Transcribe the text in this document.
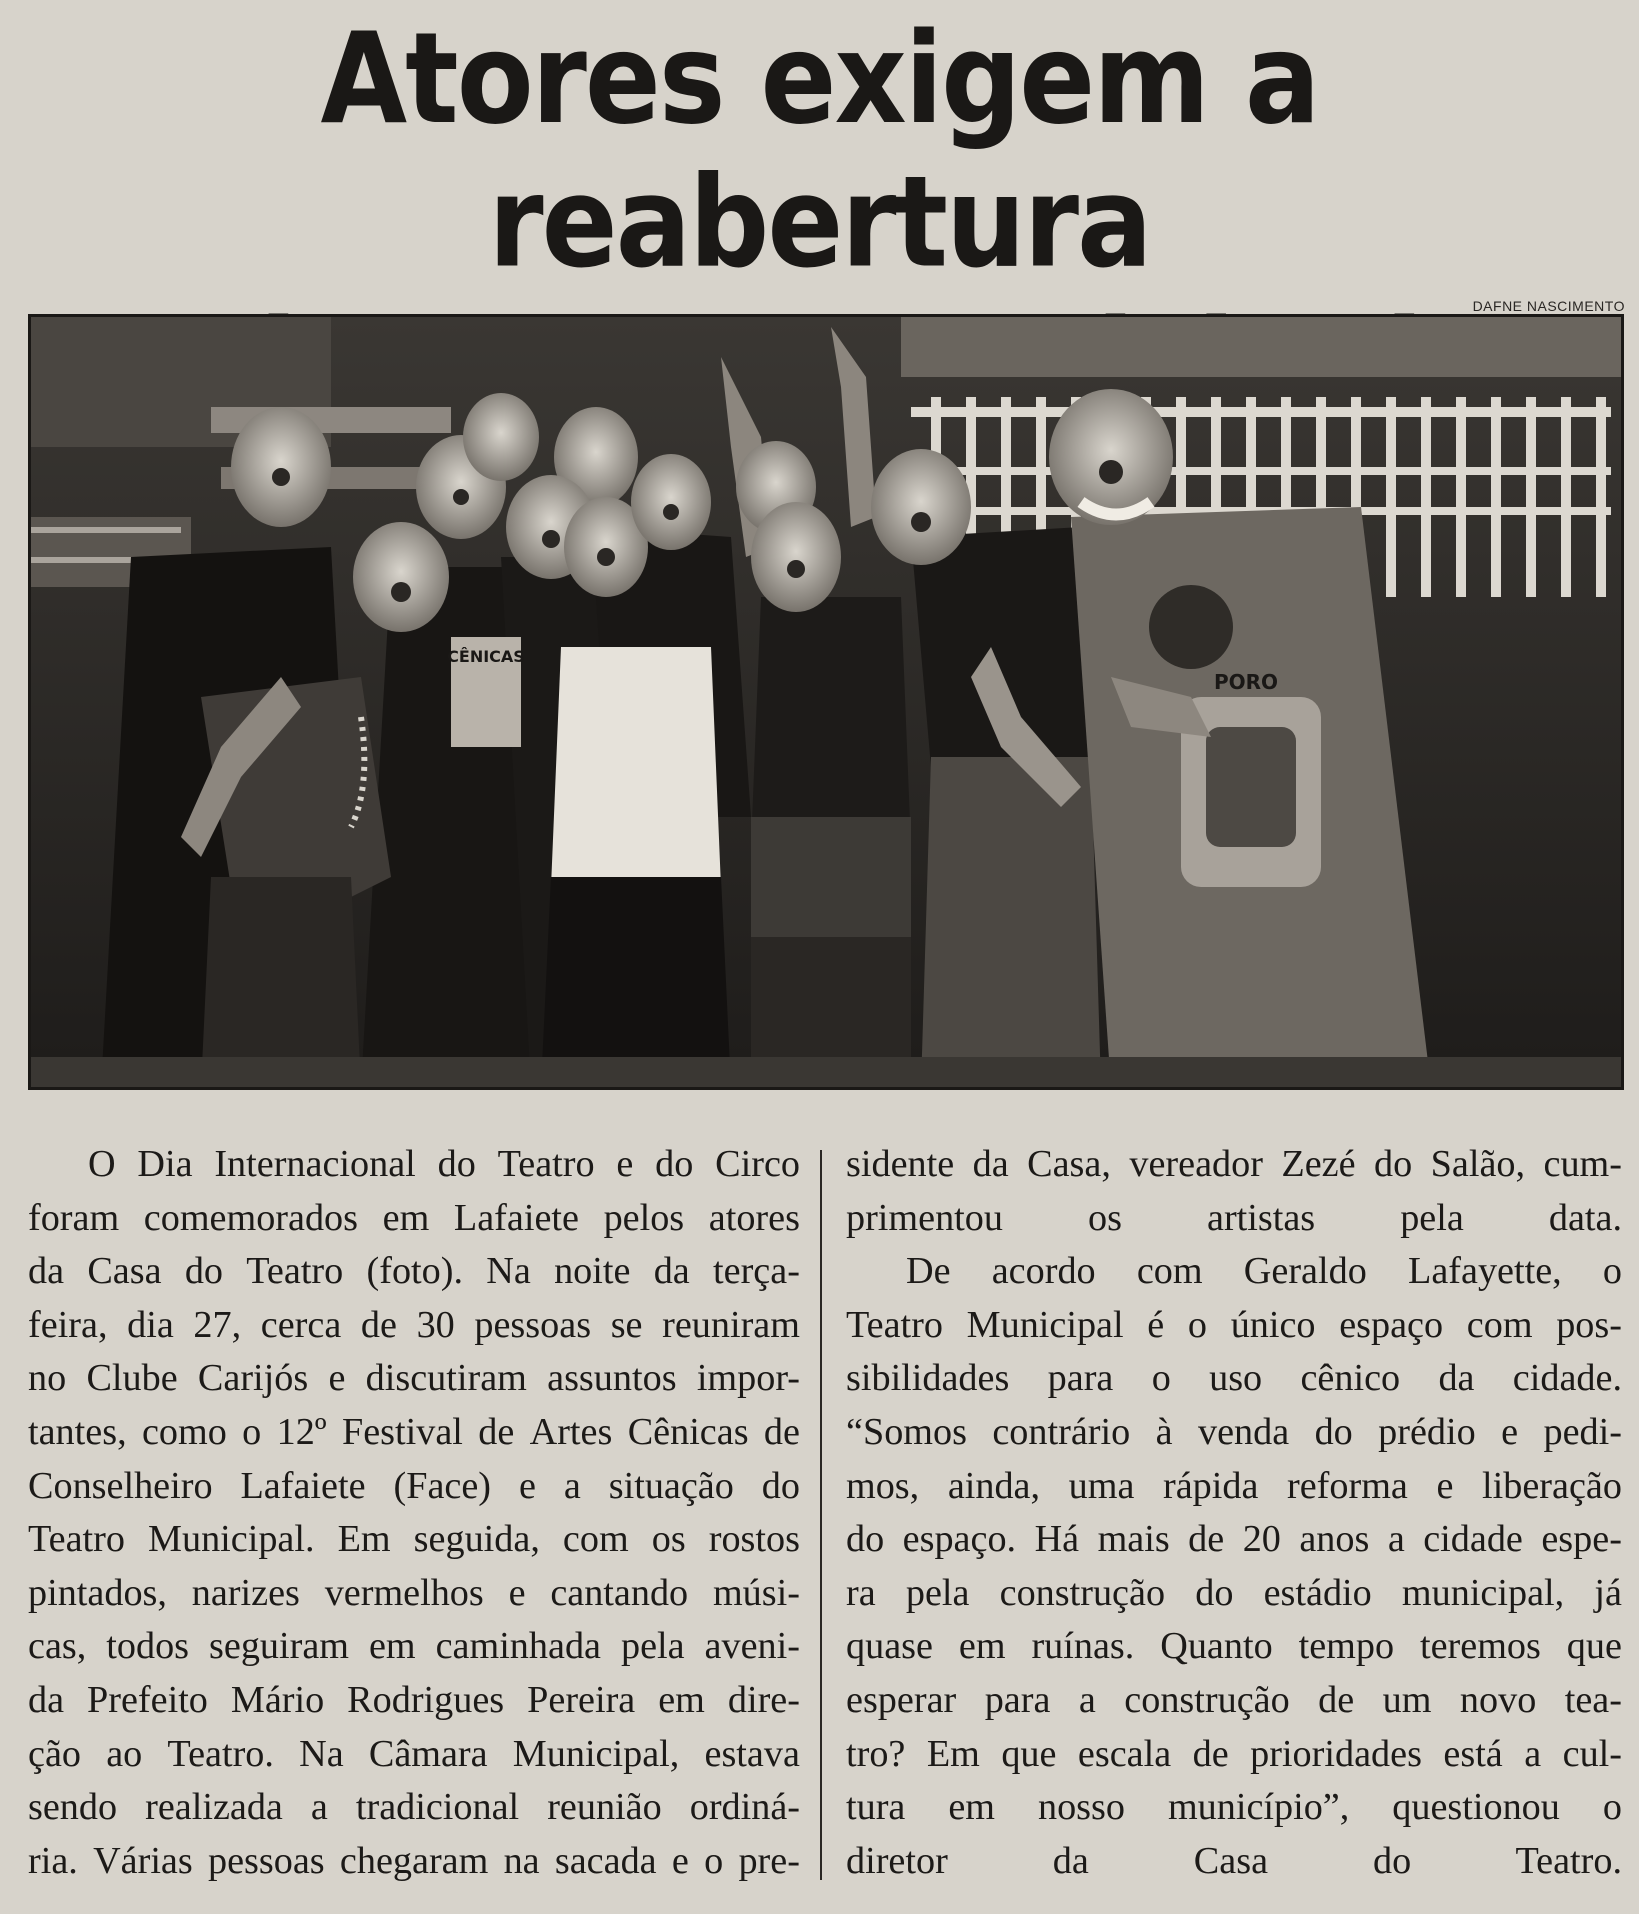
Atores exigem a reabertura
DAFNE NASCIMENTO
CÊNICAS
PORO
O Dia Internacional do Teatro e do Circo
foram comemorados em Lafaiete pelos atores
da Casa do Teatro (foto). Na noite da terça-
feira, dia 27, cerca de 30 pessoas se reuniram
no Clube Carijós e discutiram assuntos impor-
tantes, como o 12º Festival de Artes Cênicas de
Conselheiro Lafaiete (Face) e a situação do
Teatro Municipal. Em seguida, com os rostos
pintados, narizes vermelhos e cantando músi-
cas, todos seguiram em caminhada pela aveni-
da Prefeito Mário Rodrigues Pereira em dire-
ção ao Teatro. Na Câmara Municipal, estava
sendo realizada a tradicional reunião ordiná-
ria. Várias pessoas chegaram na sacada e o pre-
sidente da Casa, vereador Zezé do Salão, cum-
primentou os artistas pela data.
De acordo com Geraldo Lafayette, o
Teatro Municipal é o único espaço com pos-
sibilidades para o uso cênico da cidade.
“Somos contrário à venda do prédio e pedi-
mos, ainda, uma rápida reforma e liberação
do espaço. Há mais de 20 anos a cidade espe-
ra pela construção do estádio municipal, já
quase em ruínas. Quanto tempo teremos que
esperar para a construção de um novo tea-
tro? Em que escala de prioridades está a cul-
tura em nosso município”, questionou o
diretor da Casa do Teatro.
